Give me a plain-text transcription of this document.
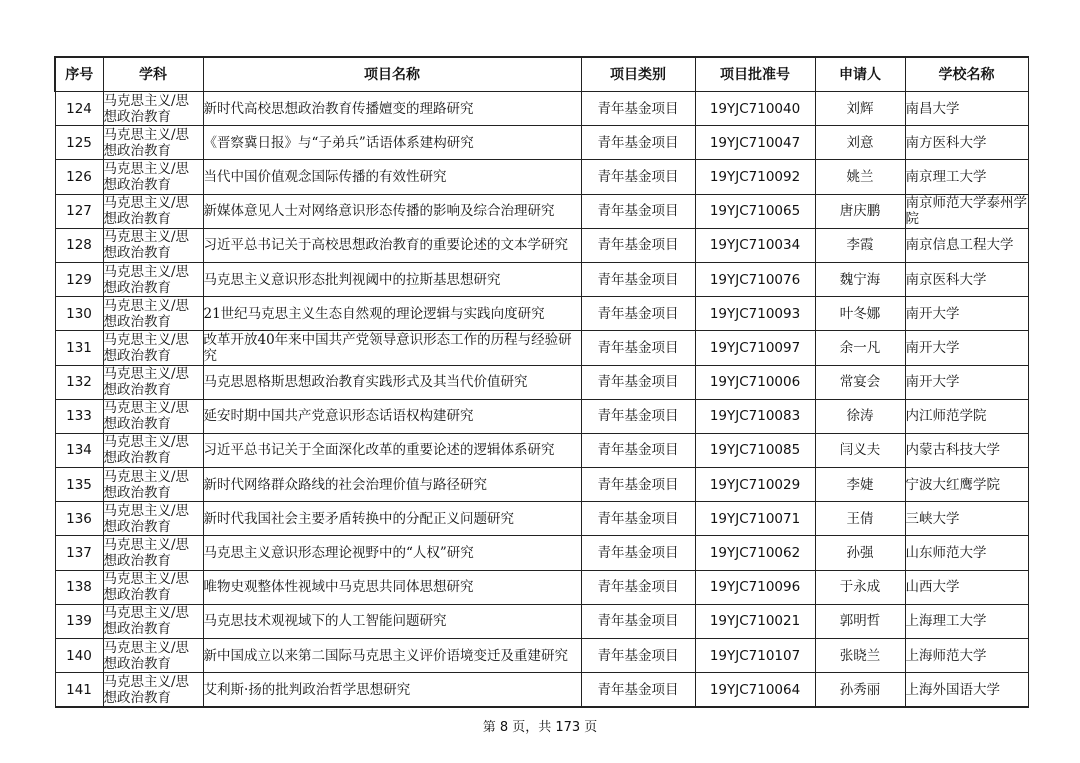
序号	学科	项目名称	项目类别	项目批准号	申请人	学校名称
124	马克思主义/思想政治教育	新时代高校思想政治教育传播嬗变的理路研究	青年基金项目	19YJC710040	刘辉	南昌大学
125	马克思主义/思想政治教育	《晋察冀日报》与“子弟兵”话语体系建构研究	青年基金项目	19YJC710047	刘意	南方医科大学
126	马克思主义/思想政治教育	当代中国价值观念国际传播的有效性研究	青年基金项目	19YJC710092	姚兰	南京理工大学
127	马克思主义/思想政治教育	新媒体意见人士对网络意识形态传播的影响及综合治理研究	青年基金项目	19YJC710065	唐庆鹏	南京师范大学泰州学院
128	马克思主义/思想政治教育	习近平总书记关于高校思想政治教育的重要论述的文本学研究	青年基金项目	19YJC710034	李霞	南京信息工程大学
129	马克思主义/思想政治教育	马克思主义意识形态批判视阈中的拉斯基思想研究	青年基金项目	19YJC710076	魏宁海	南京医科大学
130	马克思主义/思想政治教育	21世纪马克思主义生态自然观的理论逻辑与实践向度研究	青年基金项目	19YJC710093	叶冬娜	南开大学
131	马克思主义/思想政治教育	改革开放40年来中国共产党领导意识形态工作的历程与经验研究	青年基金项目	19YJC710097	余一凡	南开大学
132	马克思主义/思想政治教育	马克思恩格斯思想政治教育实践形式及其当代价值研究	青年基金项目	19YJC710006	常宴会	南开大学
133	马克思主义/思想政治教育	延安时期中国共产党意识形态话语权构建研究	青年基金项目	19YJC710083	徐涛	内江师范学院
134	马克思主义/思想政治教育	习近平总书记关于全面深化改革的重要论述的逻辑体系研究	青年基金项目	19YJC710085	闫义夫	内蒙古科技大学
135	马克思主义/思想政治教育	新时代网络群众路线的社会治理价值与路径研究	青年基金项目	19YJC710029	李婕	宁波大红鹰学院
136	马克思主义/思想政治教育	新时代我国社会主要矛盾转换中的分配正义问题研究	青年基金项目	19YJC710071	王倩	三峡大学
137	马克思主义/思想政治教育	马克思主义意识形态理论视野中的“人权”研究	青年基金项目	19YJC710062	孙强	山东师范大学
138	马克思主义/思想政治教育	唯物史观整体性视域中马克思共同体思想研究	青年基金项目	19YJC710096	于永成	山西大学
139	马克思主义/思想政治教育	马克思技术观视域下的人工智能问题研究	青年基金项目	19YJC710021	郭明哲	上海理工大学
140	马克思主义/思想政治教育	新中国成立以来第二国际马克思主义评价语境变迁及重建研究	青年基金项目	19YJC710107	张晓兰	上海师范大学
141	马克思主义/思想政治教育	艾利斯·扬的批判政治哲学思想研究	青年基金项目	19YJC710064	孙秀丽	上海外国语大学
第 8 页，共 173 页
